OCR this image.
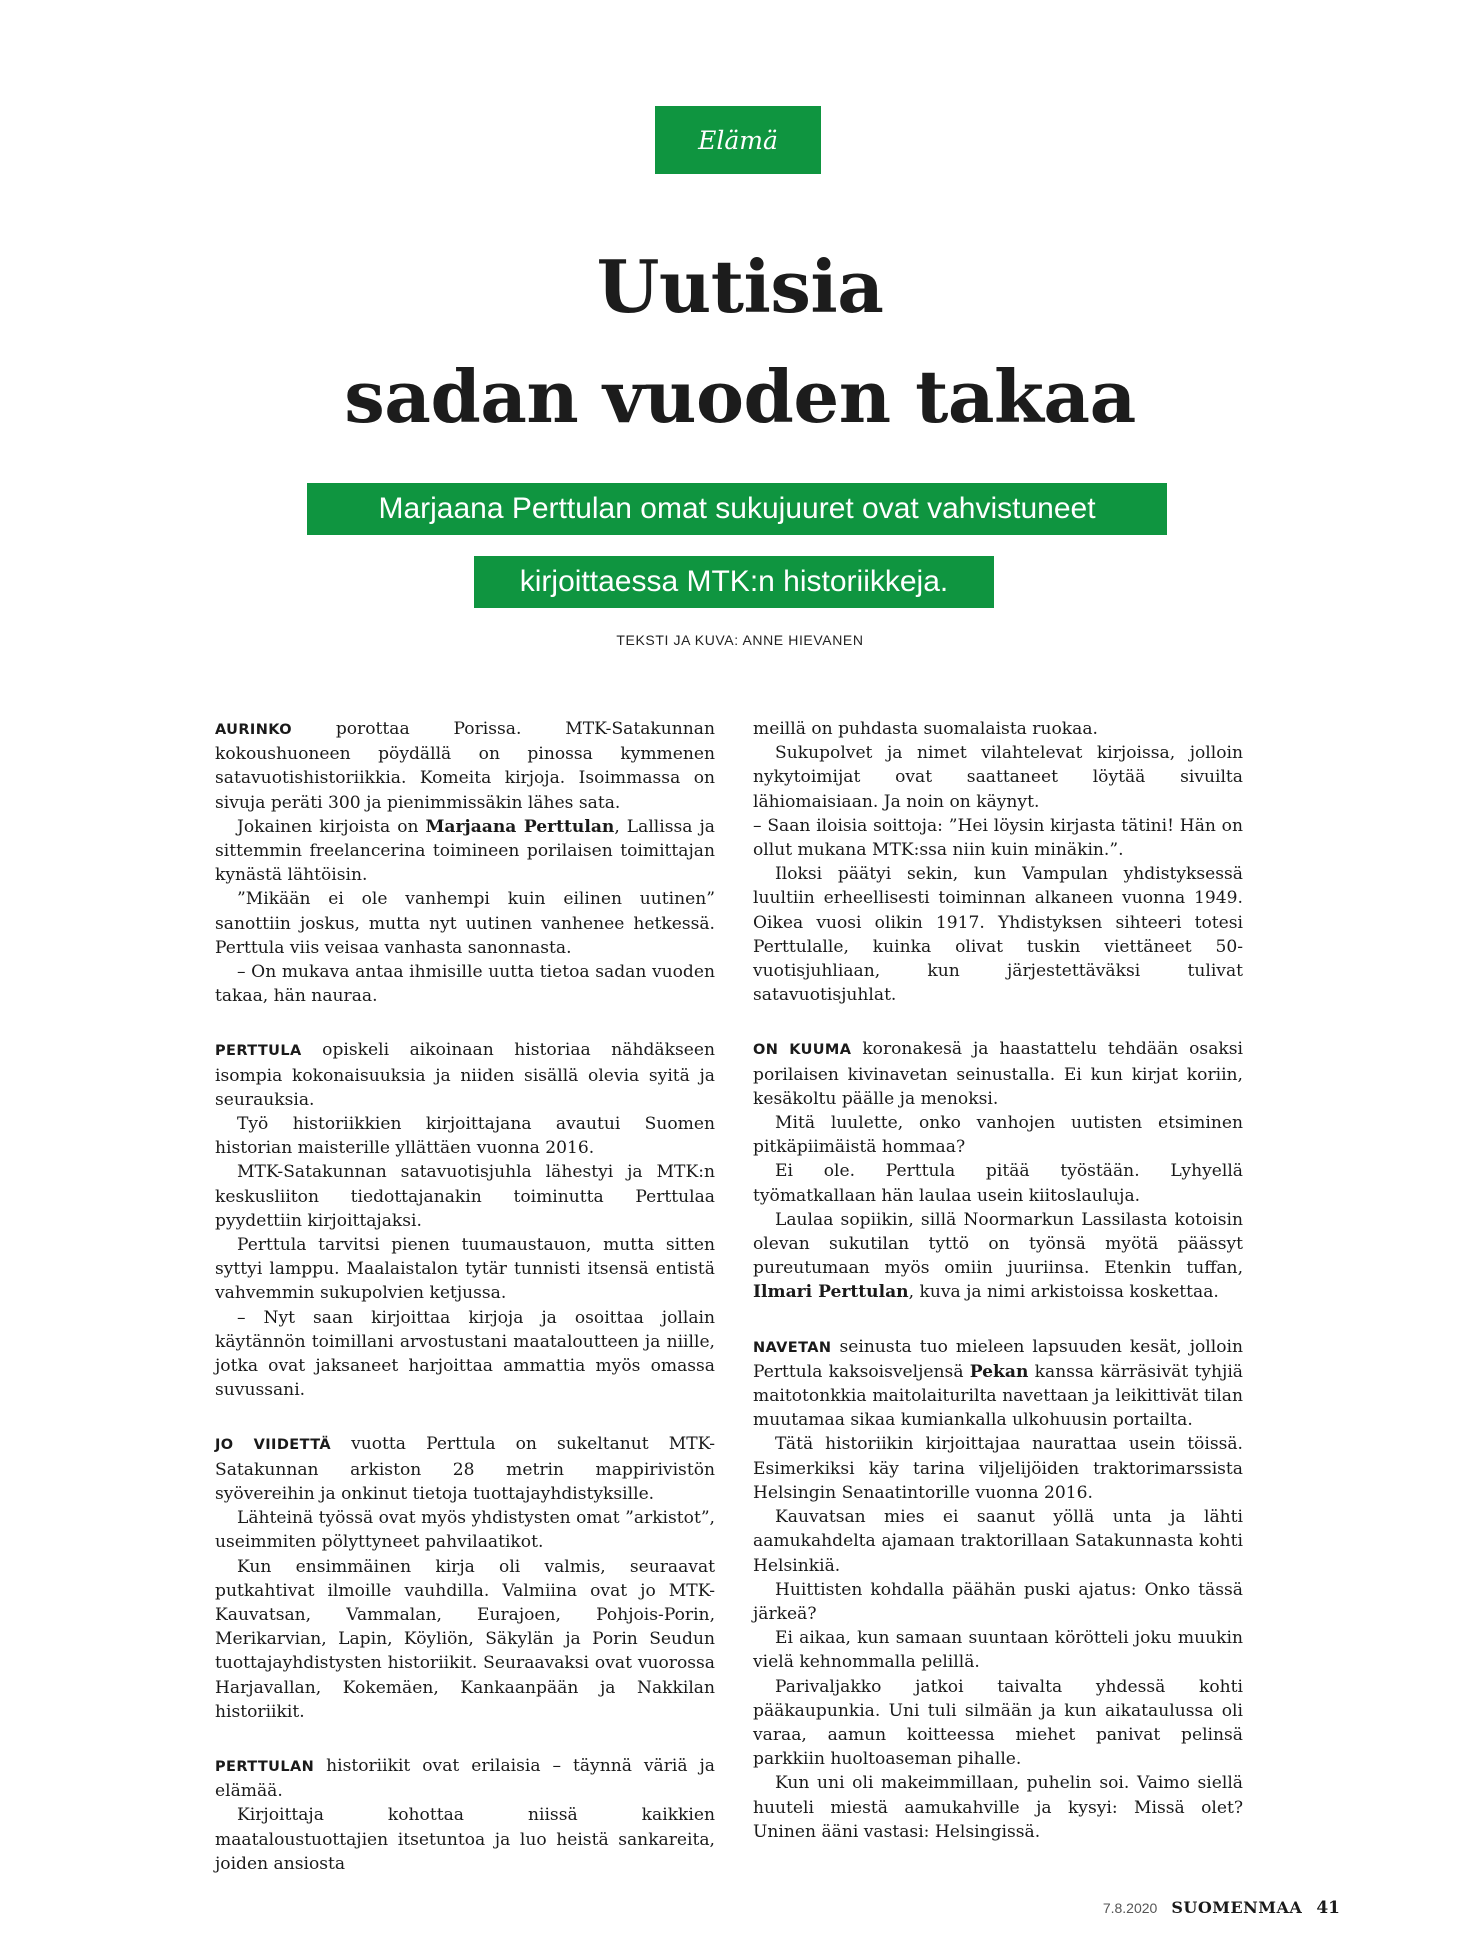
Elämä
Uutisia
sadan vuoden takaa
Marjaana Perttulan omat sukujuuret ovat vahvistuneet
kirjoittaessa MTK:n historiikkeja.
TEKSTI JA KUVA: ANNE HIEVANEN

AURINKO porottaa Porissa. MTK-Satakunnan kokoushuoneen pöydällä on pinossa kymmenen satavuotishistoriikkia. Komeita kirjoja. Isoimmassa on sivuja peräti 300 ja pienimmissäkin lähes sata.

Jokainen kirjoista on Marjaana Perttulan, Lallissa ja sittemmin freelancerina toimineen porilaisen toimittajan kynästä lähtöisin.

”Mikään ei ole vanhempi kuin eilinen uutinen” sanottiin joskus, mutta nyt uutinen vanhenee hetkessä. Perttula viis veisaa vanhasta sanonnasta.

– On mukava antaa ihmisille uutta tietoa sadan vuoden takaa, hän nauraa.

PERTTULA opiskeli aikoinaan historiaa nähdäkseen isompia kokonaisuuksia ja niiden sisällä olevia syitä ja seurauksia.

Työ historiikkien kirjoittajana avautui Suomen historian maisterille yllättäen vuonna 2016.

MTK-Satakunnan satavuotisjuhla lähestyi ja MTK:n keskusliiton tiedottajanakin toiminutta Perttulaa pyydettiin kirjoittajaksi.

Perttula tarvitsi pienen tuumaustauon, mutta sitten syttyi lamppu. Maalaistalon tytär tunnisti itsensä entistä vahvemmin sukupolvien ketjussa.

– Nyt saan kirjoittaa kirjoja ja osoittaa jollain käytännön toimillani arvostustani maataloutteen ja niille, jotka ovat jaksaneet harjoittaa ammattia myös omassa suvussani.

JO VIIDETTÄ vuotta Perttula on sukeltanut MTK-Satakunnan arkiston 28 metrin mappirivistön syövereihin ja onkinut tietoja tuottajayhdistyksille.

Lähteinä työssä ovat myös yhdistysten omat ”arkistot”, useimmiten pölyttyneet pahvilaatikot.

Kun ensimmäinen kirja oli valmis, seuraavat putkahtivat ilmoille vauhdilla. Valmiina ovat jo MTK-Kauvatsan, Vammalan, Eurajoen, Pohjois-Porin, Merikarvian, Lapin, Köyliön, Säkylän ja Porin Seudun tuottajayhdistysten historiikit. Seuraavaksi ovat vuorossa Harjavallan, Kokemäen, Kankaanpään ja Nakkilan historiikit.

PERTTULAN historiikit ovat erilaisia – täynnä väriä ja elämää.

Kirjoittaja kohottaa niissä kaikkien maataloustuottajien itsetuntoa ja luo heistä sankareita, joiden ansiosta

meillä on puhdasta suomalaista ruokaa.

Sukupolvet ja nimet vilahtelevat kirjoissa, jolloin nykytoimijat ovat saattaneet löytää sivuilta lähiomaisiaan. Ja noin on käynyt.

– Saan iloisia soittoja: ”Hei löysin kirjasta tätini! Hän on ollut mukana MTK:ssa niin kuin minäkin.”.

Iloksi päätyi sekin, kun Vampulan yhdistyksessä luultiin erheellisesti toiminnan alkaneen vuonna 1949. Oikea vuosi olikin 1917. Yhdistyksen sihteeri totesi Perttulalle, kuinka olivat tuskin viettäneet 50-vuotisjuhliaan, kun järjestettäväksi tulivat satavuotisjuhlat.

ON KUUMA koronakesä ja haastattelu tehdään osaksi porilaisen kivinavetan seinustalla. Ei kun kirjat koriin, kesäkoltu päälle ja menoksi.

Mitä luulette, onko vanhojen uutisten etsiminen pitkäpiimäistä hommaa?

Ei ole. Perttula pitää työstään. Lyhyellä työmatkallaan hän laulaa usein kiitoslauluja.

Laulaa sopiikin, sillä Noormarkun Lassilasta kotoisin olevan sukutilan tyttö on työnsä myötä päässyt pureutumaan myös omiin juuriinsa. Etenkin tuffan, Ilmari Perttulan, kuva ja nimi arkistoissa koskettaa.

NAVETAN seinusta tuo mieleen lapsuuden kesät, jolloin Perttula kaksoisveljensä Pekan kanssa kärräsivät tyhjiä maitotonkkia maitolaiturilta navettaan ja leikittivät tilan muutamaa sikaa kumiankalla ulkohuusin portailta.

Tätä historiikin kirjoittajaa naurattaa usein töissä. Esimerkiksi käy tarina viljelijöiden traktorimarssista Helsingin Senaatintorille vuonna 2016.

Kauvatsan mies ei saanut yöllä unta ja lähti aamukahdelta ajamaan traktorillaan Satakunnasta kohti Helsinkiä.

Huittisten kohdalla päähän puski ajatus: Onko tässä järkeä?

Ei aikaa, kun samaan suuntaan körötteli joku muukin vielä kehnommalla pelillä.

Parivaljakko jatkoi taivalta yhdessä kohti pääkaupunkia. Uni tuli silmään ja kun aikataulussa oli varaa, aamun koitteessa miehet panivat pelinsä parkkiin huoltoaseman pihalle.

Kun uni oli makeimmillaan, puhelin soi. Vaimo siellä huuteli miestä aamukahville ja kysyi: Missä olet? Uninen ääni vastasi: Helsingissä.

7.8.2020 SUOMENMAA 41
